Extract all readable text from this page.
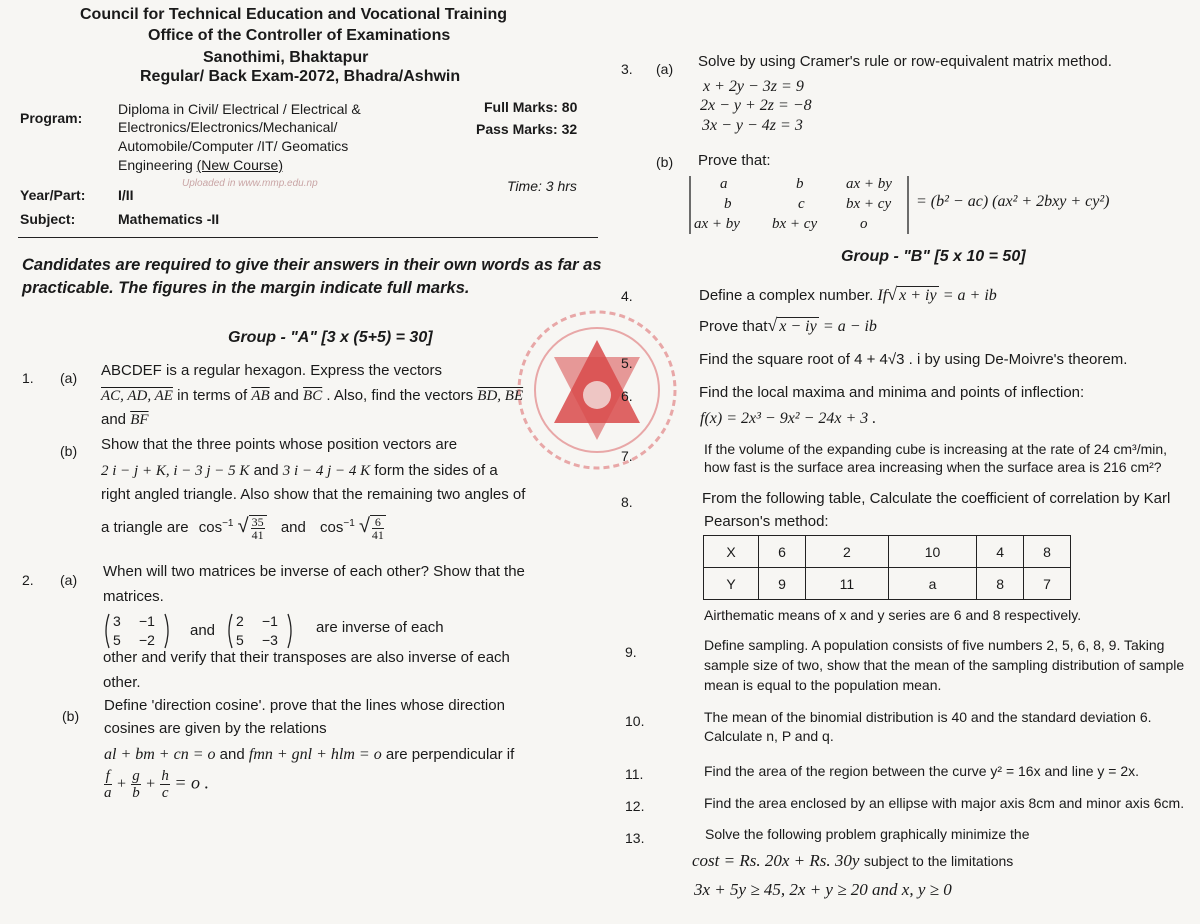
Council for Technical Education and Vocational Training
Office of the Controller of Examinations
Sanothimi, Bhaktapur
Regular/ Back Exam-2072, Bhadra/Ashwin
Program:
Diploma in Civil/ Electrical / Electrical &
Electronics/Electronics/Mechanical/
Automobile/Computer /IT/ Geomatics
Engineering (New Course)
Full Marks: 80
Pass Marks: 32
Uploaded in www.mmp.edu.np
Year/Part: I/II
Time: 3 hrs
Subject:	Mathematics -II
Candidates are required to give their answers in their own words as far as practicable. The figures in the margin indicate full marks.
Group - "A" [3 x (5+5) = 30]
1. (a) ABCDEF is a regular hexagon. Express the vectors
AC, AD, AE in terms of $\overline{AB}$ and $\overline{BC}$ . Also, find the vectors BD, BE
and $\overline{BF}$
(b) Show that the three points whose position vectors are
2 i − j + K, i − 3 j − 5 K and 3 i − 4 j − 4 K form the sides of a
right angled triangle. Also show that the remaining two angles of
a triangle are $\cos^{-1}$ √ $\frac{35}{41}$ and $\cos^{-1}$ √ $\frac{6}{41}$
2. (a) When will two matrices be inverse of each other? Show that the
matrices.
3 −1
5 −2
and
2 −1
5 −3
are inverse of each
other and verify that their transposes are also inverse of each
other.
(b)
Define 'direction cosine'. prove that the lines whose direction
cosines are given by the relations
al + bm + cn = o and fmn + gnl + hlm = o are perpendicular if
$\frac{f}{a} + \frac{g}{b} + \frac{h}{c} = o$ .
3. (a) Solve by using Cramer's rule or row-equivalent matrix method.
x + 2y − 3z = 9
2x − y + 2z = −8
3x − y − 4z = 3
(b) Prove that:
a	b	ax + by
b	c	bx + cy
ax + by bx + cy	o
= (b² − ac) (ax² + 2bxy + cy²)
Group - "B" [5 x 10 = 50]
4.	Define a complex number. If√ x + iy = a + ib
Prove that√ x − iy = a − ib
5.	Find the square root of 4 + 4√3 . i by using De-Moivre's theorem.
6.	Find the local maxima and minima and points of inflection:
f(x) = 2x³ − 9x² − 24x + 3 .
7.	If the volume of the expanding cube is increasing at the rate of 24 cm³/min,
how fast is the surface area increasing when the surface area is 216 cm²?
8.	From the following table, Calculate the coefficient of correlation by Karl
Pearson's method:
X	6	2	10	4	8
Y	9	11	a	8	7
Airthematic means of x and y series are 6 and 8 respectively.
9.	Define sampling. A population consists of five numbers 2, 5, 6, 8, 9. Taking
sample size of two, show that the mean of the sampling distribution of sample
mean is equal to the population mean.
10.	The mean of the binomial distribution is 40 and the standard deviation 6.
Calculate n, P and q.
11.	Find the area of the region between the curve y² = 16x and line y = 2x.
12.	Find the area enclosed by an ellipse with major axis 8cm and minor axis 6cm.
13.	Solve the following problem graphically minimize the
cost = Rs. 20x + Rs. 30y subject to the limitations
3x + 5y ≥ 45, 2x + y ≥ 20 and x, y ≥ 0
